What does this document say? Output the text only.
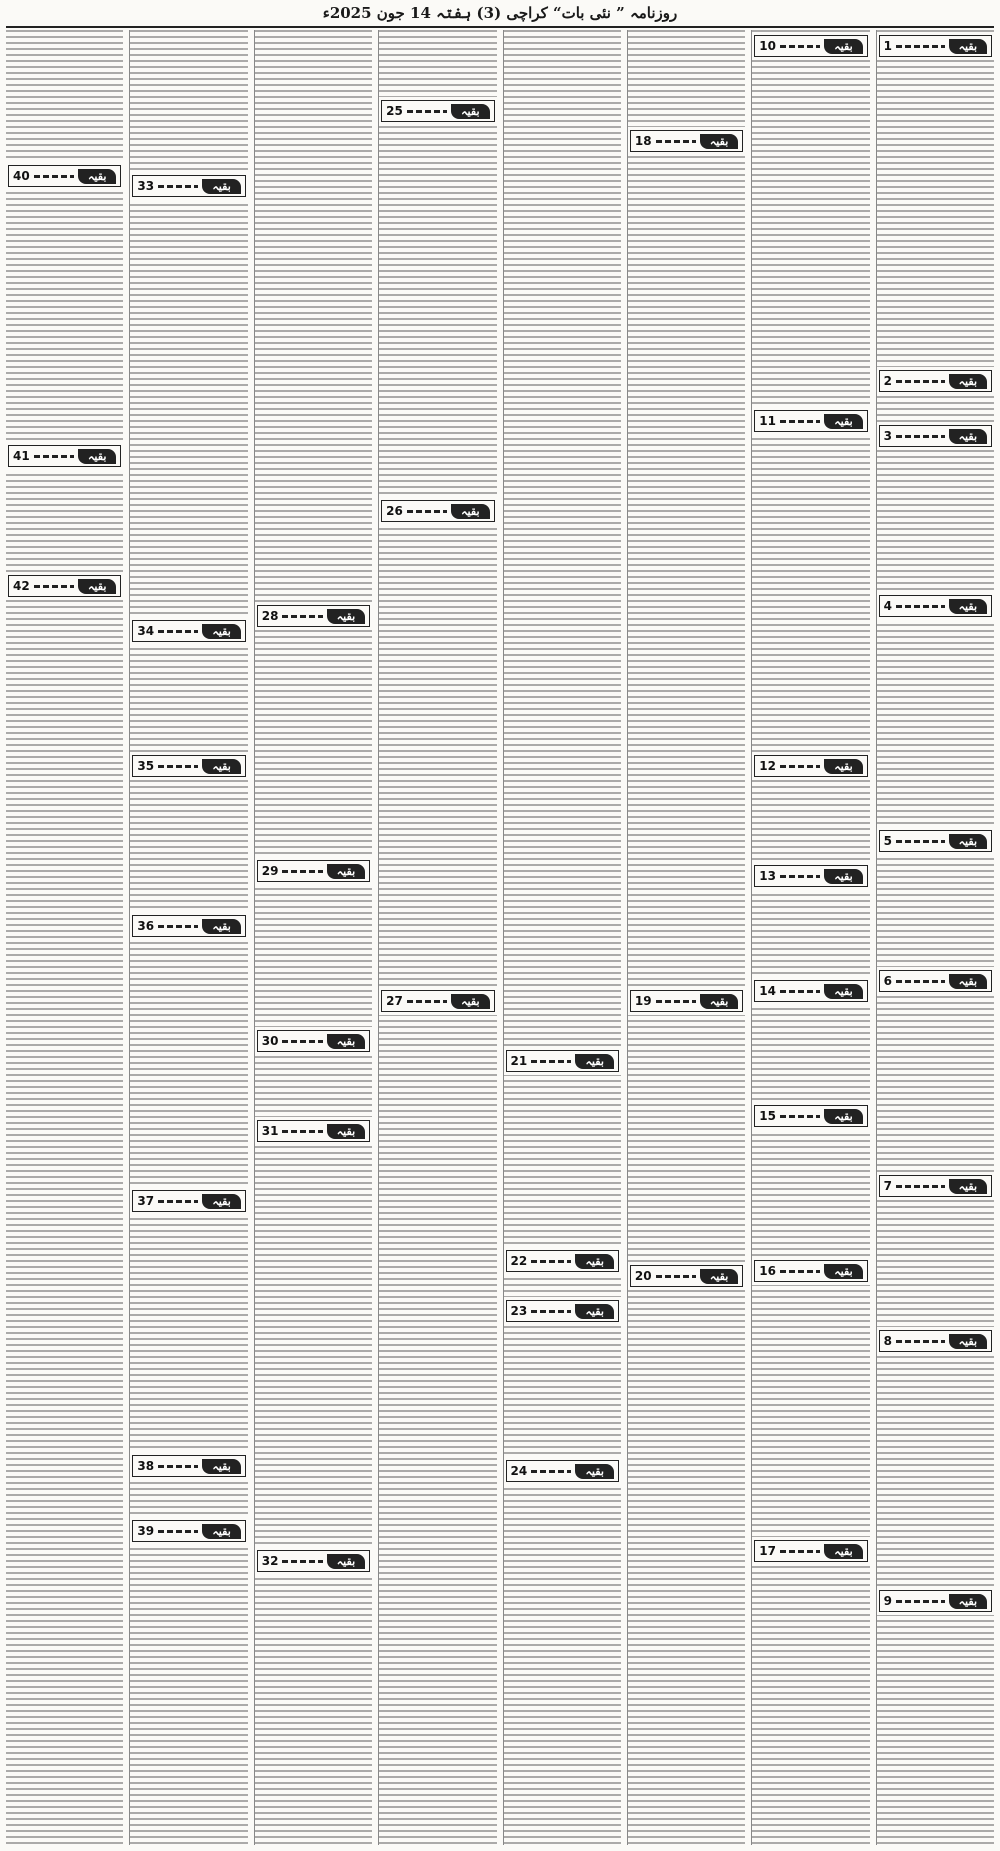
روزنامہ ” نئی بات“ کراچی (3) ہفتہ 14 جون 2025ء
بقیہ
1
بقیہ
2
بقیہ
3
بقیہ
4
بقیہ
5
بقیہ
6
بقیہ
7
بقیہ
8
بقیہ
9
بقیہ
10
بقیہ
11
بقیہ
12
بقیہ
13
بقیہ
14
بقیہ
15
بقیہ
16
بقیہ
17
بقیہ
18
بقیہ
19
بقیہ
20
بقیہ
21
بقیہ
22
بقیہ
23
بقیہ
24
بقیہ
25
بقیہ
26
بقیہ
27
بقیہ
28
بقیہ
29
بقیہ
30
بقیہ
31
بقیہ
32
بقیہ
33
بقیہ
34
بقیہ
35
بقیہ
36
بقیہ
37
بقیہ
38
بقیہ
39
بقیہ
40
بقیہ
41
بقیہ
42
